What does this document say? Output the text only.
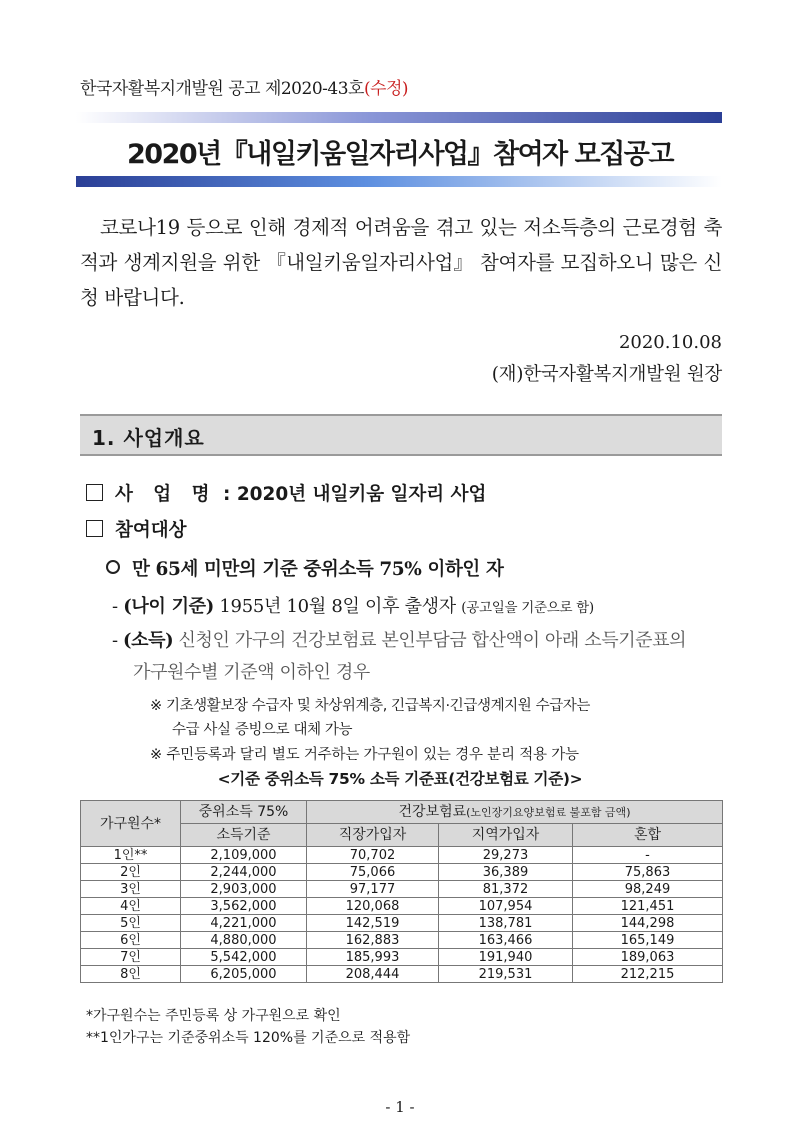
한국자활복지개발원 공고 제2020-43호(수정)
2020년『내일키움일자리사업』참여자 모집공고

코로나19 등으로 인해 경제적 어려움을 겪고 있는 저소득층의 근로경험 축적과 생계지원을 위한 『내일키움일자리사업』 참여자를 모집하오니 많은 신청 바랍니다.

2020.10.08
(재)한국자활복지개발원 원장
1. 사업개요
사 업 명 : 2020년 내일키움 일자리 사업
참여대상
만 65세 미만의 기준 중위소득 75% 이하인 자
- (나이 기준) 1955년 10월 8일 이후 출생자 (공고일을 기준으로 함)
- (소득) 신청인 가구의 건강보험료 본인부담금 합산액이 아래 소득기준표의
가구원수별 기준액 이하인 경우
※ 기초생활보장 수급자 및 차상위계층, 긴급복지·긴급생계지원 수급자는
수급 사실 증빙으로 대체 가능
※ 주민등록과 달리 별도 거주하는 가구원이 있는 경우 분리 적용 가능
<기준 중위소득 75% 소득 기준표(건강보험료 기준)>
가구원수*	중위소득 75%	건강보험료(노인장기요양보험료 불포함 금액)		
	소득기준	직장가입자	지역가입자	혼합
1인**	2,109,000	70,702	29,273	-
2인	2,244,000	75,066	36,389	75,863
3인	2,903,000	97,177	81,372	98,249
4인	3,562,000	120,068	107,954	121,451
5인	4,221,000	142,519	138,781	144,298
6인	4,880,000	162,883	163,466	165,149
7인	5,542,000	185,993	191,940	189,063
8인	6,205,000	208,444	219,531	212,215
*가구원수는 주민등록 상 가구원으로 확인
**1인가구는 기준중위소득 120%를 기준으로 적용함
- 1 -
